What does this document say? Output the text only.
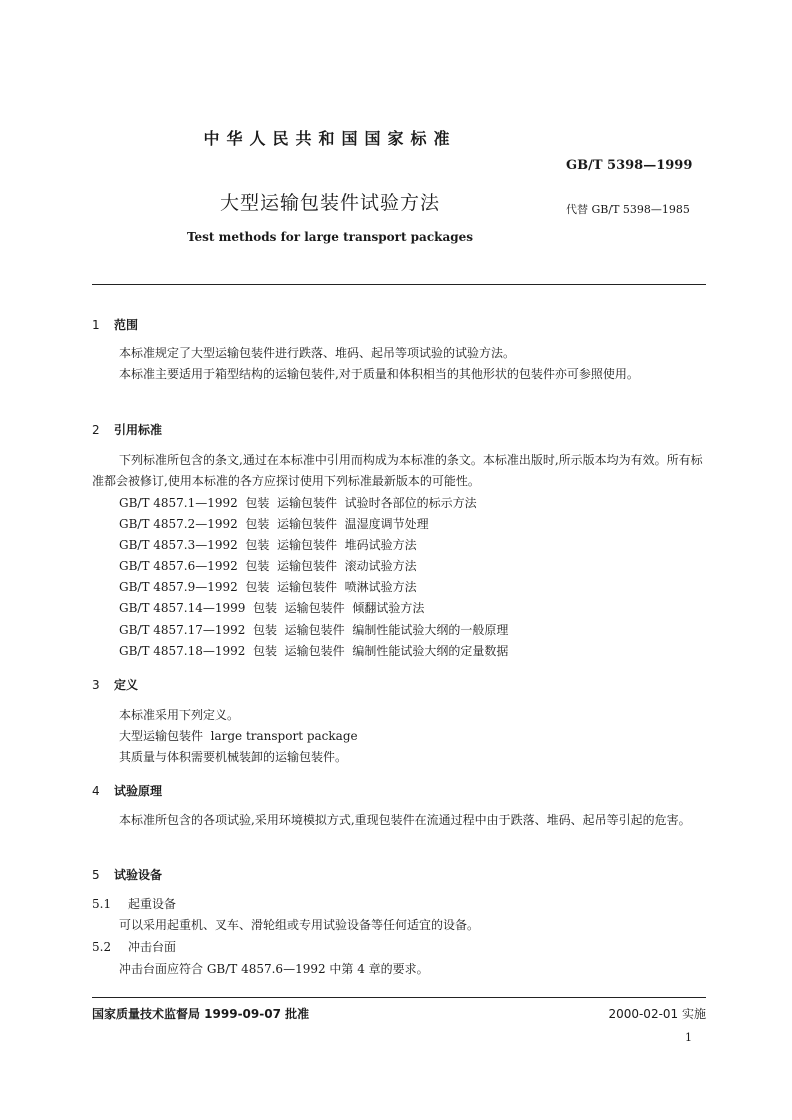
中华人民共和国国家标准
GB/T 5398—1999
大型运输包装件试验方法	代替 GB/T 5398—1985
Test methods for large transport packages
1 范围
本标准规定了大型运输包装件进行跌落、堆码、起吊等项试验的试验方法。
本标准主要适用于箱型结构的运输包装件,对于质量和体积相当的其他形状的包装件亦可参照使用。
2 引用标准
下列标准所包含的条文,通过在本标准中引用而构成为本标准的条文。本标准出版时,所示版本均为有效。所有标准都会被修订,使用本标准的各方应探讨使用下列标准最新版本的可能性。
GB/T 4857.1—1992  包装  运输包装件  试验时各部位的标示方法
GB/T 4857.2—1992  包装  运输包装件  温湿度调节处理
GB/T 4857.3—1992  包装  运输包装件  堆码试验方法
GB/T 4857.6—1992  包装  运输包装件  滚动试验方法
GB/T 4857.9—1992  包装  运输包装件  喷淋试验方法
GB/T 4857.14—1999  包装  运输包装件  倾翻试验方法
GB/T 4857.17—1992  包装  运输包装件  编制性能试验大纲的一般原理
GB/T 4857.18—1992  包装  运输包装件  编制性能试验大纲的定量数据
3 定义
本标准采用下列定义。
大型运输包装件  large transport package
其质量与体积需要机械装卸的运输包装件。
4 试验原理
本标准所包含的各项试验,采用环境模拟方式,重现包装件在流通过程中由于跌落、堆码、起吊等引起的危害。
5 试验设备
5.1 起重设备
可以采用起重机、叉车、滑轮组或专用试验设备等任何适宜的设备。
5.2 冲击台面
冲击台面应符合 GB/T 4857.6—1992 中第 4 章的要求。
国家质量技术监督局 1999-09-07 批准	2000-02-01 实施
1
